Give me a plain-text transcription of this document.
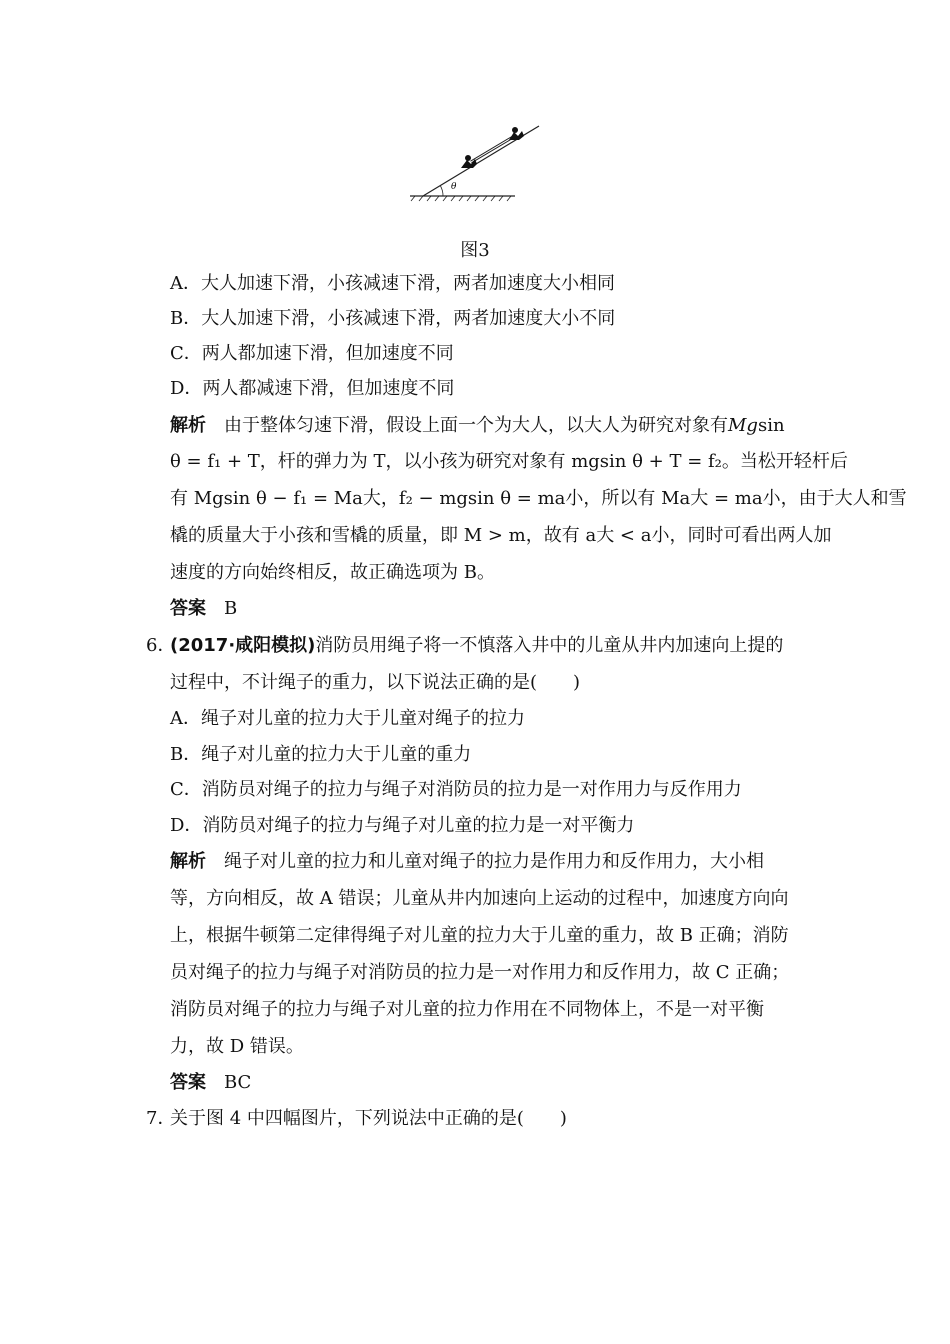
θ
图3
A．大人加速下滑，小孩减速下滑，两者加速度大小相同
B．大人加速下滑，小孩减速下滑，两者加速度大小不同
C．两人都加速下滑，但加速度不同
D．两人都减速下滑，但加速度不同
解析 由于整体匀速下滑，假设上面一个为大人，以大人为研究对象有Mgsin
θ = f₁ + T，杆的弹力为 T，以小孩为研究对象有 mgsin θ + T = f₂。当松开轻杆后
有 Mgsin θ − f₁ = Ma大，f₂ − mgsin θ = ma小，所以有 Ma大 = ma小，由于大人和雪
橇的质量大于小孩和雪橇的质量，即 M > m，故有 a大 < a小，同时可看出两人加
速度的方向始终相反，故正确选项为 B。
答案 B
6．
(2017·咸阳模拟)消防员用绳子将一不慎落入井中的儿童从井内加速向上提的
过程中，不计绳子的重力，以下说法正确的是(　　)
A．绳子对儿童的拉力大于儿童对绳子的拉力
B．绳子对儿童的拉力大于儿童的重力
C．消防员对绳子的拉力与绳子对消防员的拉力是一对作用力与反作用力
D．消防员对绳子的拉力与绳子对儿童的拉力是一对平衡力
解析 绳子对儿童的拉力和儿童对绳子的拉力是作用力和反作用力，大小相
等，方向相反，故 A 错误；儿童从井内加速向上运动的过程中，加速度方向向
上，根据牛顿第二定律得绳子对儿童的拉力大于儿童的重力，故 B 正确；消防
员对绳子的拉力与绳子对消防员的拉力是一对作用力和反作用力，故 C 正确；
消防员对绳子的拉力与绳子对儿童的拉力作用在不同物体上，不是一对平衡
力，故 D 错误。
答案 BC
7．
关于图 4 中四幅图片，下列说法中正确的是(　　)
